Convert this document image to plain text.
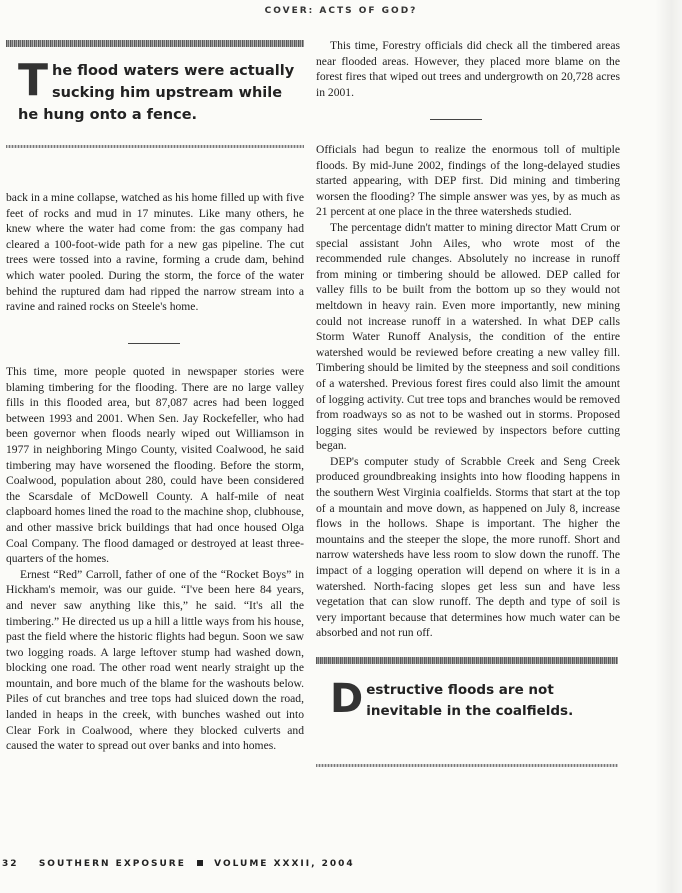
COVER: ACTS OF GOD?
T he flood waters were actually sucking him upstream while he hung onto a fence.

back in a mine collapse, watched as his home filled up with five feet of rocks and mud in 17 minutes. Like many others, he knew where the water had come from: the gas company had cleared a 100-foot-wide path for a new gas pipeline. The cut trees were tossed into a ravine, forming a crude dam, behind which water pooled. During the storm, the force of the water behind the ruptured dam had ripped the narrow stream into a ravine and rained rocks on Steele's home.

This time, more people quoted in newspaper stories were blaming timbering for the flooding. There are no large valley fills in this flooded area, but 87,087 acres had been logged between 1993 and 2001. When Sen. Jay Rockefeller, who had been governor when floods nearly wiped out Williamson in 1977 in neighboring Mingo County, visited Coalwood, he said timbering may have worsened the flooding. Before the storm, Coalwood, population about 280, could have been considered the Scarsdale of McDowell County. A half-mile of neat clapboard homes lined the road to the machine shop, clubhouse, and other massive brick buildings that had once housed Olga Coal Company. The flood damaged or destroyed at least three-quarters of the homes.

Ernest “Red” Carroll, father of one of the “Rocket Boys” in Hickham's memoir, was our guide. “I've been here 84 years, and never saw anything like this,” he said. “It's all the timbering.” He directed us up a hill a little ways from his house, past the field where the historic flights had begun. Soon we saw two logging roads. A large leftover stump had washed down, blocking one road. The other road went nearly straight up the mountain, and bore much of the blame for the washouts below. Piles of cut branches and tree tops had sluiced down the road, landed in heaps in the creek, with bunches washed out into Clear Fork in Coalwood, where they blocked culverts and caused the water to spread out over banks and into homes.

This time, Forestry officials did check all the timbered areas near flooded areas. However, they placed more blame on the forest fires that wiped out trees and undergrowth on 20,728 acres in 2001.

Officials had begun to realize the enormous toll of multiple floods. By mid-June 2002, findings of the long-delayed studies started appearing, with DEP first. Did mining and timbering worsen the flooding? The simple answer was yes, by as much as 21 percent at one place in the three watersheds studied.

The percentage didn't matter to mining director Matt Crum or special assistant John Ailes, who wrote most of the recommended rule changes. Absolutely no increase in runoff from mining or timbering should be allowed. DEP called for valley fills to be built from the bottom up so they would not meltdown in heavy rain. Even more importantly, new mining could not increase runoff in a watershed. In what DEP calls Storm Water Runoff Analysis, the condition of the entire watershed would be reviewed before creating a new valley fill. Timbering should be limited by the steepness and soil conditions of a watershed. Previous forest fires could also limit the amount of logging activity. Cut tree tops and branches would be removed from roadways so as not to be washed out in storms. Proposed logging sites would be reviewed by inspectors before cutting began.

DEP's computer study of Scrabble Creek and Seng Creek produced groundbreaking insights into how flooding happens in the southern West Virginia coalfields. Storms that start at the top of a mountain and move down, as happened on July 8, increase flows in the hollows. Shape is important. The higher the mountains and the steeper the slope, the more runoff. Short and narrow watersheds have less room to slow down the runoff. The impact of a logging operation will depend on where it is in a watershed. North-facing slopes get less sun and have less vegetation that can slow runoff. The depth and type of soil is very important because that determines how much water can be absorbed and not run off.

D estructive floods are not inevitable in the coalfields.
32 SOUTHERN EXPOSURE	VOLUME XXXII, 2004
